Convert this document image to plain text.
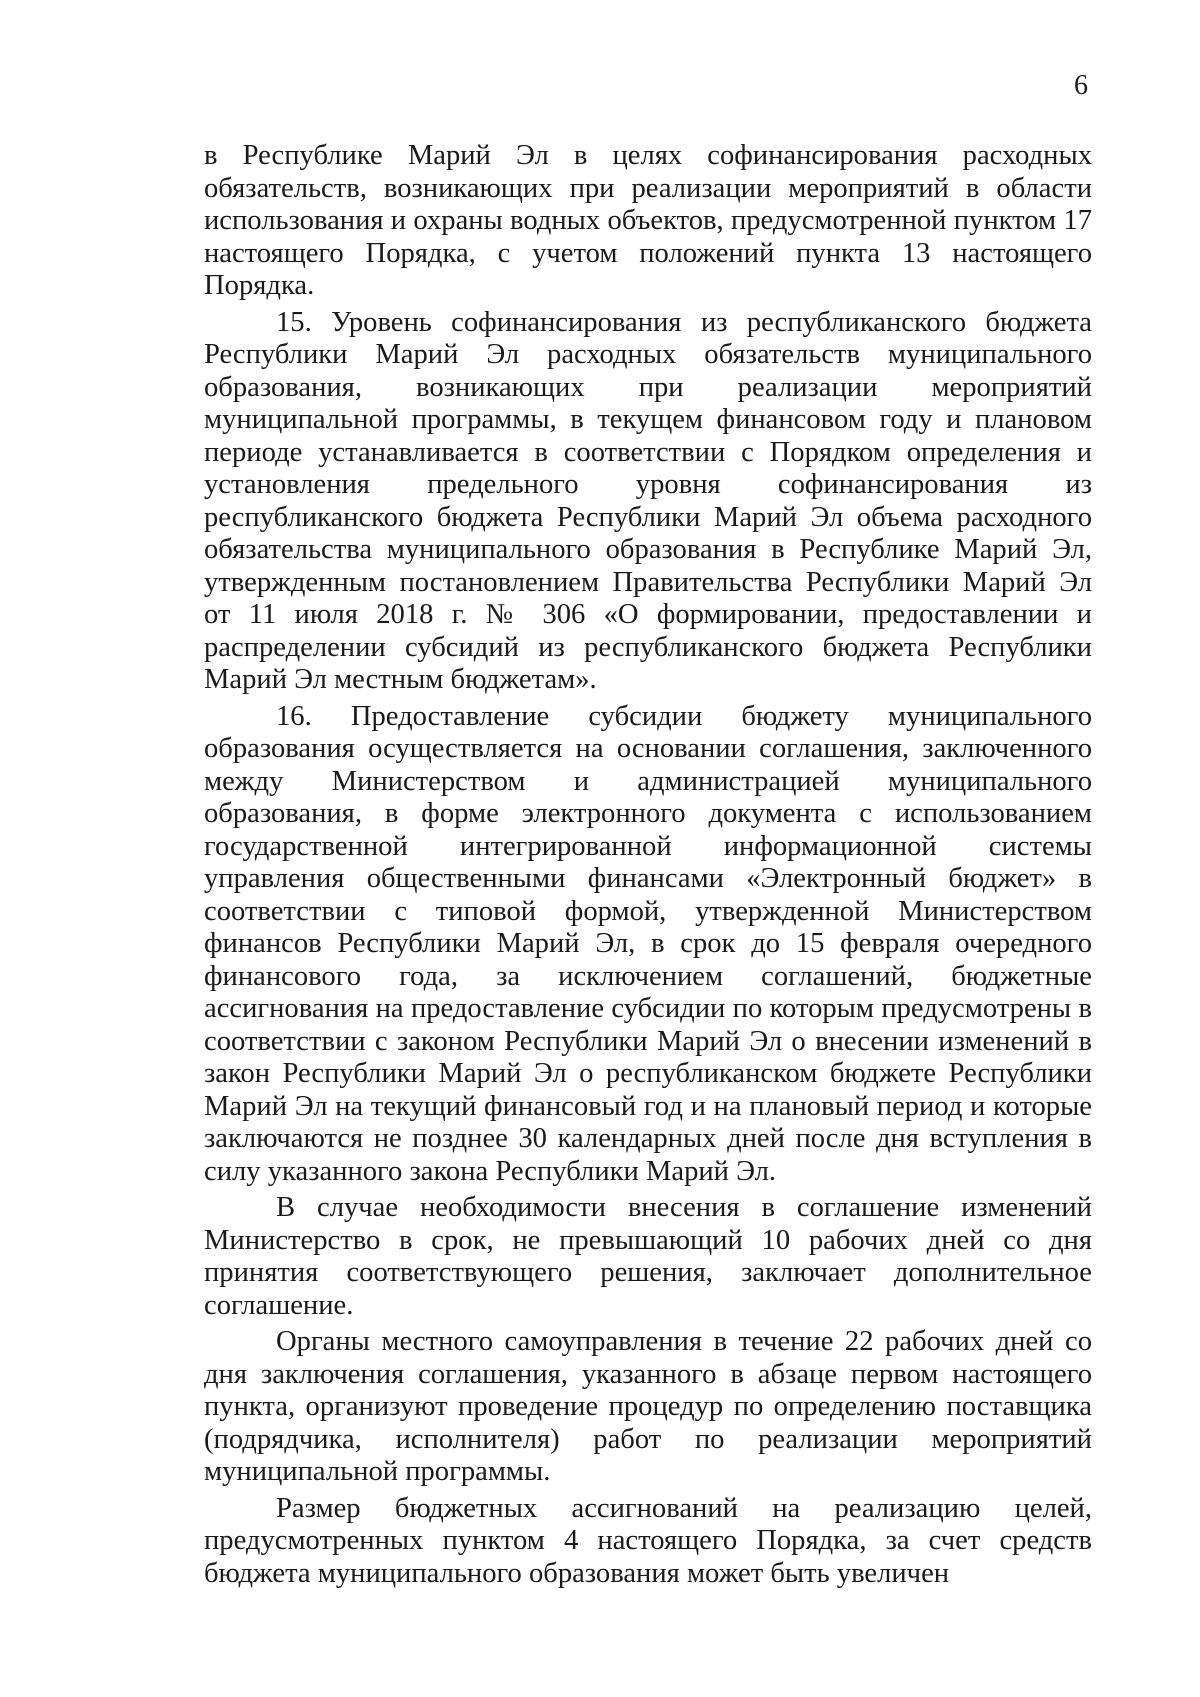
6

в Республике Марий Эл в целях софинансирования расходных обязательств, возникающих при реализации мероприятий в области использования и охраны водных объектов, предусмотренной пунктом 17 настоящего Порядка, с учетом положений пункта 13 настоящего Порядка.

15. Уровень софинансирования из республиканского бюджета Республики Марий Эл расходных обязательств муниципального образования, возникающих при реализации мероприятий муниципальной программы, в текущем финансовом году и плановом периоде устанавливается в соответствии с Порядком определения и установления предельного уровня софинансирования из республиканского бюджета Республики Марий Эл объема расходного обязательства муниципального образования в Республике Марий Эл, утвержденным постановлением Правительства Республики Марий Эл от 11 июля 2018 г. № 306 «О формировании, предоставлении и распределении субсидий из республиканского бюджета Республики Марий Эл местным бюджетам».

16. Предоставление субсидии бюджету муниципального образования осуществляется на основании соглашения, заключенного между Министерством и администрацией муниципального образования, в форме электронного документа с использованием государственной интегрированной информационной системы управления общественными финансами «Электронный бюджет» в соответствии с типовой формой, утвержденной Министерством финансов Республики Марий Эл, в срок до 15 февраля очередного финансового года, за исключением соглашений, бюджетные ассигнования на предоставление субсидии по которым предусмотрены в соответствии с законом Республики Марий Эл о внесении изменений в закон Республики Марий Эл о республиканском бюджете Республики Марий Эл на текущий финансовый год и на плановый период и которые заключаются не позднее 30 календарных дней после дня вступления в силу указанного закона Республики Марий Эл.

В случае необходимости внесения в соглашение изменений Министерство в срок, не превышающий 10 рабочих дней со дня принятия соответствующего решения, заключает дополнительное соглашение.

Органы местного самоуправления в течение 22 рабочих дней со дня заключения соглашения, указанного в абзаце первом настоящего пункта, организуют проведение процедур по определению поставщика (подрядчика, исполнителя) работ по реализации мероприятий муниципальной программы.

Размер бюджетных ассигнований на реализацию целей, предусмотренных пунктом 4 настоящего Порядка, за счет средств бюджета муниципального образования может быть увеличен
